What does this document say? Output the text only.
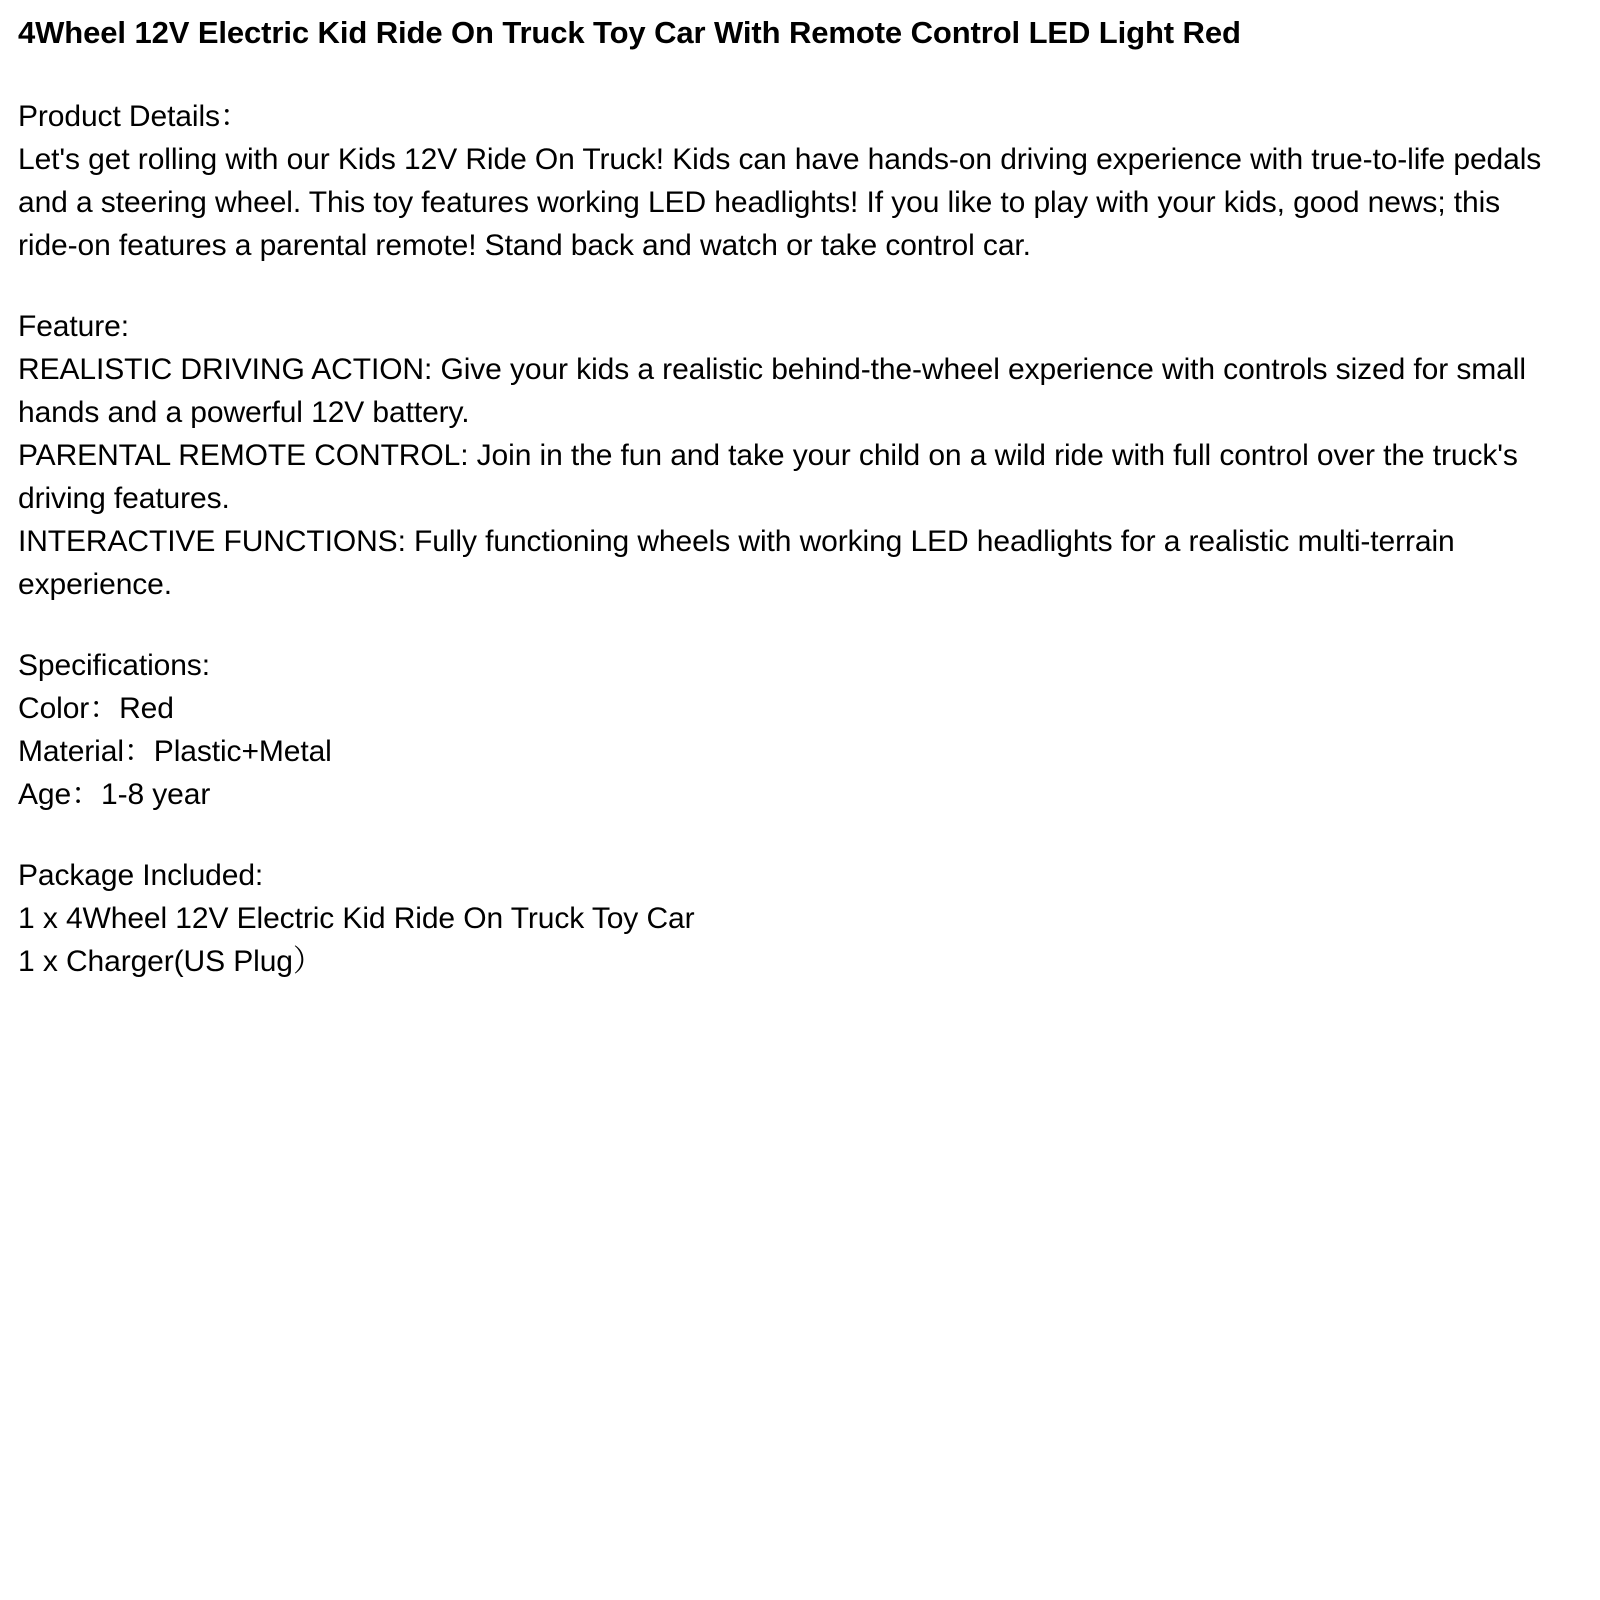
4Wheel 12V Electric Kid Ride On Truck Toy Car With Remote Control LED Light Red

Product Details：

Let's get rolling with our Kids 12V Ride On Truck! Kids can have hands-on driving experience with true-to-life pedals and a steering wheel. This toy features working LED headlights! If you like to play with your kids, good news; this ride-on features a parental remote! Stand back and watch or take control car.

Feature:

REALISTIC DRIVING ACTION: Give your kids a realistic behind-the-wheel experience with controls sized for small hands and a powerful 12V battery.

PARENTAL REMOTE CONTROL: Join in the fun and take your child on a wild ride with full control over the truck's driving features.

INTERACTIVE FUNCTIONS: Fully functioning wheels with working LED headlights for a realistic multi-terrain experience.

Specifications:

Color：Red

Material：Plastic+Metal

Age：1-8 year

Package Included:

1 x 4Wheel 12V Electric Kid Ride On Truck Toy Car

1 x Charger(US Plug）
